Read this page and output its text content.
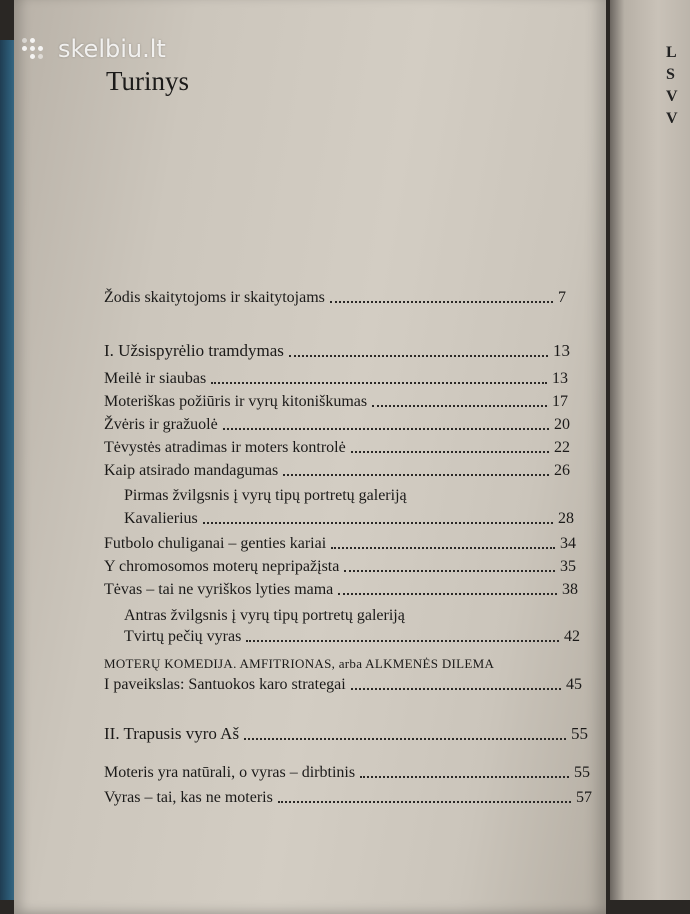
L
S
V
V
skelbiu.lt
Turinys
Žodis skaitytojoms ir skaitytojams	7
I. Užsispyrėlio tramdymas	13
Meilė ir siaubas	13
Moteriškas požiūris ir vyrų kitoniškumas	17
Žvėris ir gražuolė	20
Tėvystės atradimas ir moters kontrolė	22
Kaip atsirado mandagumas	26
Pirmas žvilgsnis į vyrų tipų portretų galeriją
Kavalierius	28
Futbolo chuliganai – genties kariai	34
Y chromosomos moterų nepripažįsta	35
Tėvas – tai ne vyriškos lyties mama	38
Antras žvilgsnis į vyrų tipų portretų galeriją
Tvirtų pečių vyras	42
MOTERŲ KOMEDIJA. AMFITRIONAS, arba ALKMENĖS DILEMA
I paveikslas: Santuokos karo strategai	45
II. Trapusis vyro Aš	55
Moteris yra natūrali, o vyras – dirbtinis	55
Vyras – tai, kas ne moteris	57
